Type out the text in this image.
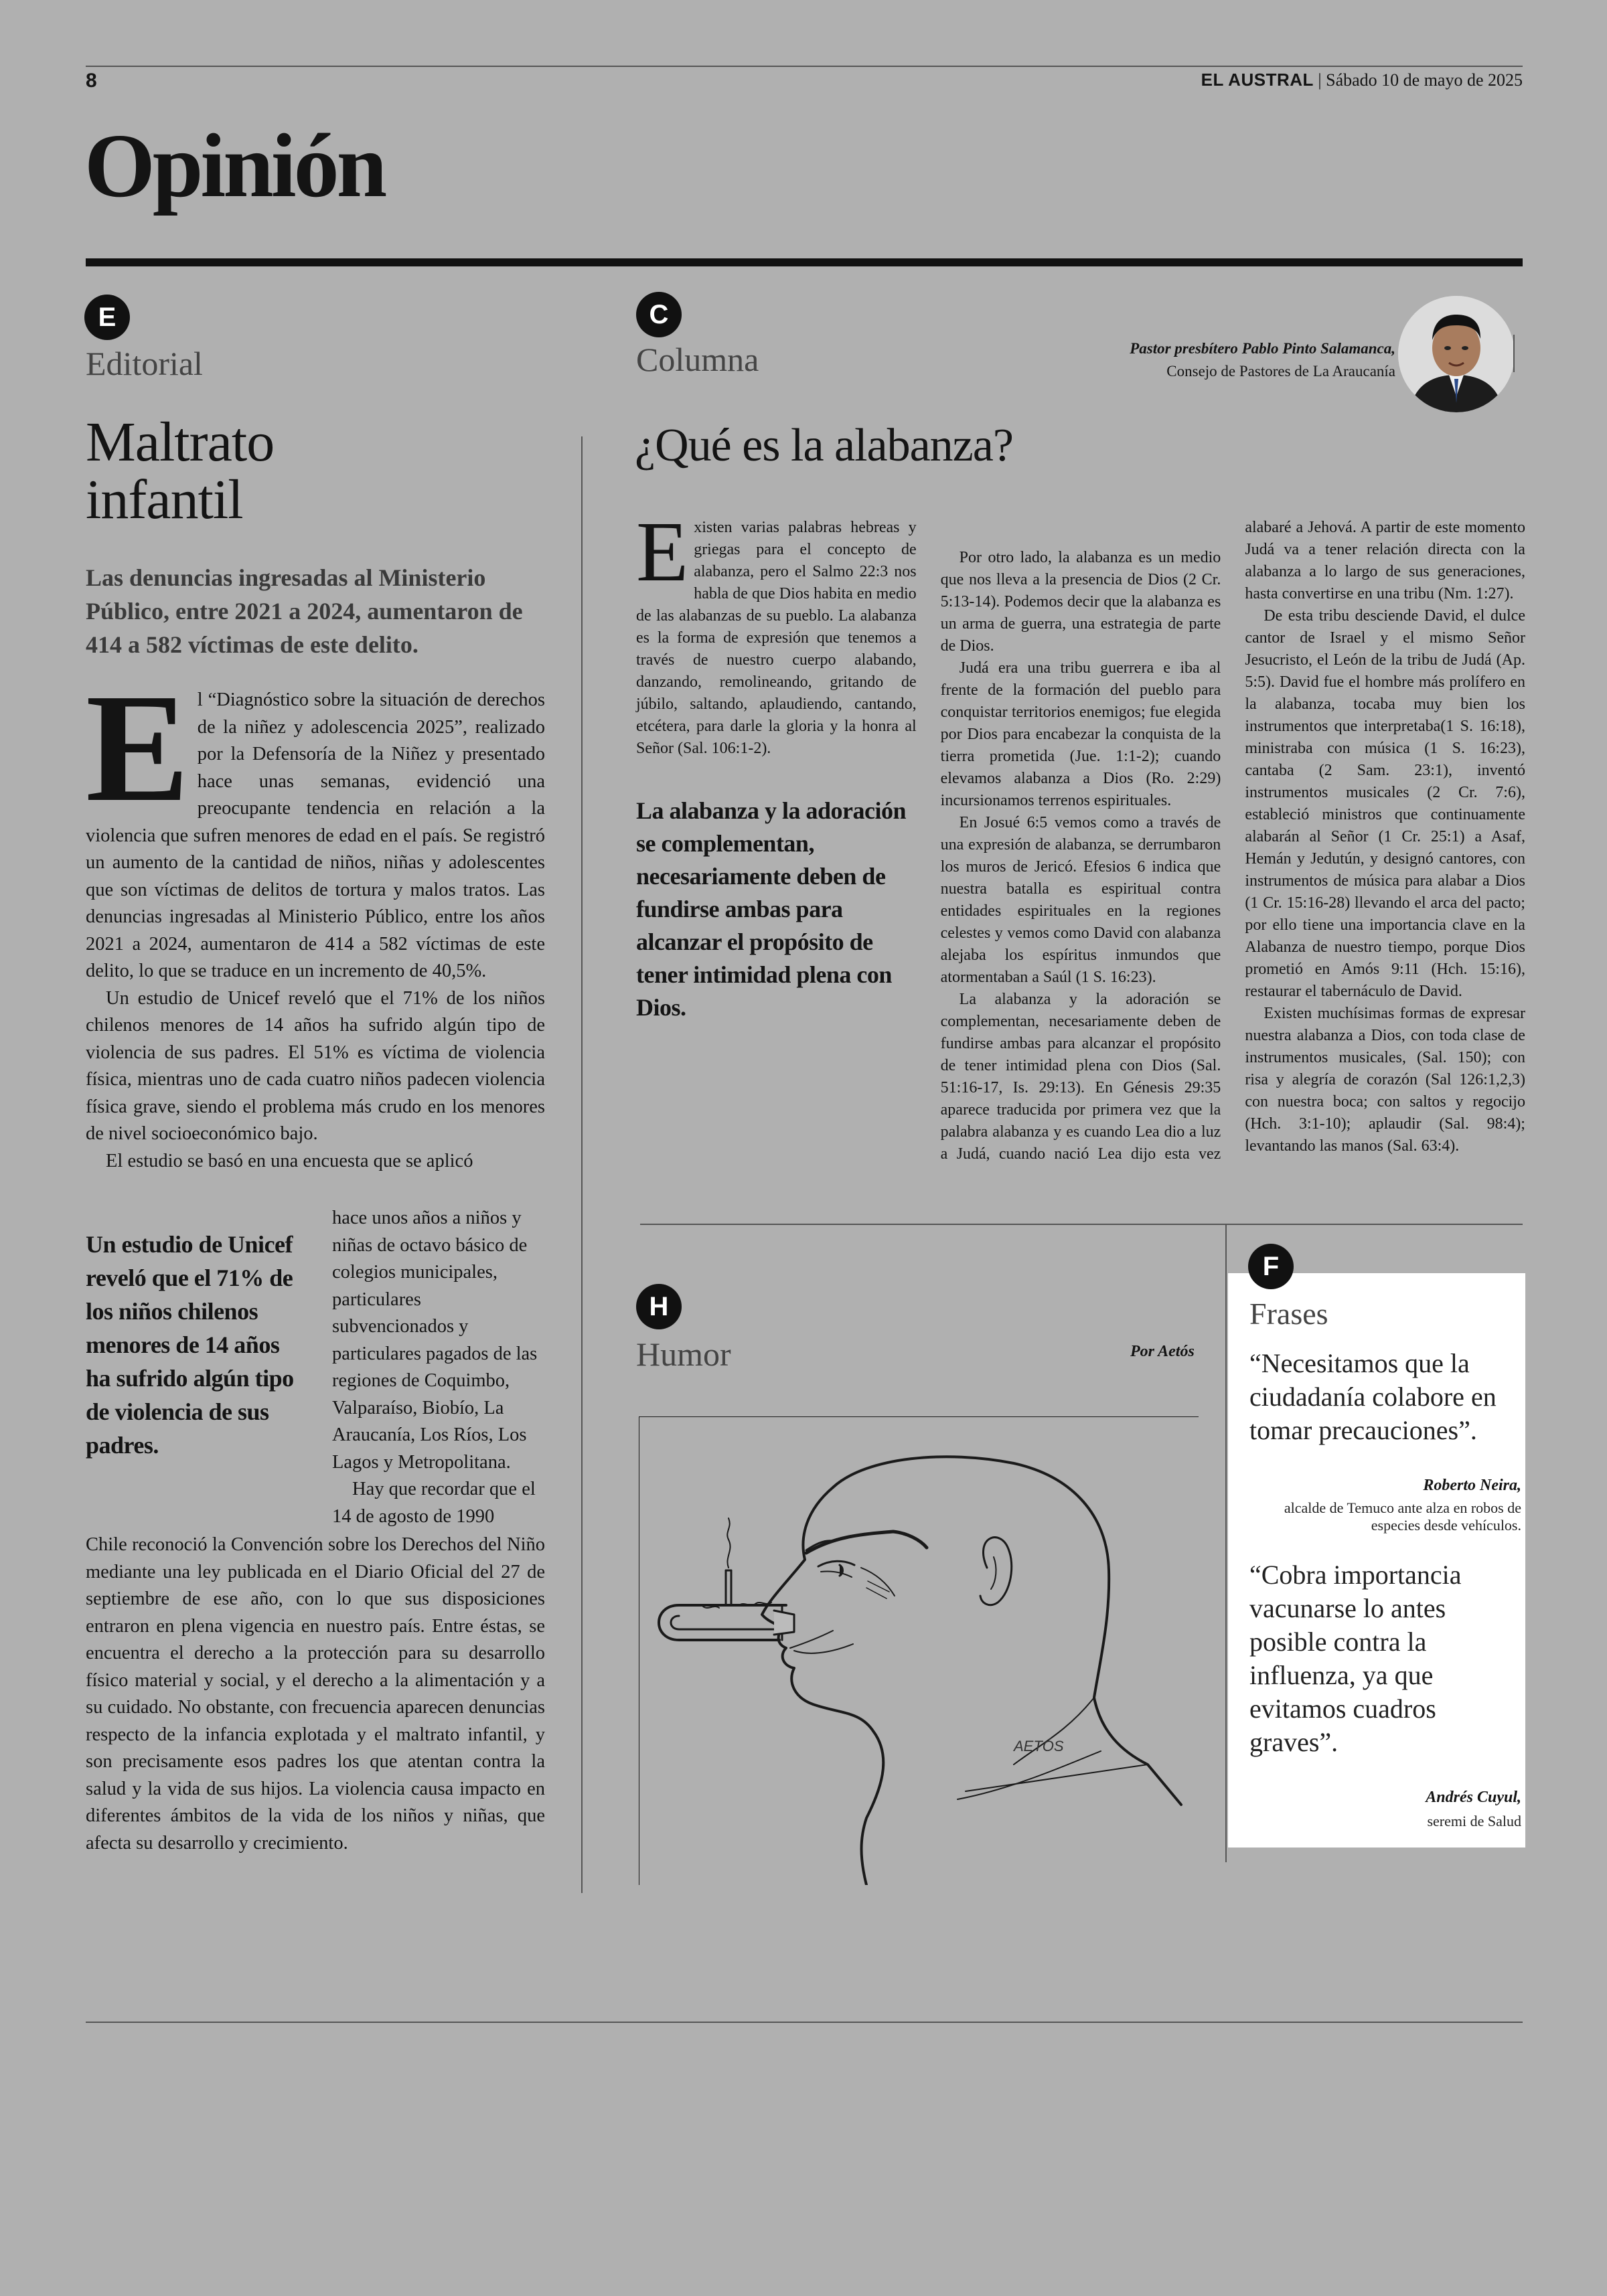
8	EL AUSTRAL | Sábado 10 de mayo de 2025
Opinión
E
Editorial
Maltrato
infantil
Las denuncias ingresadas al Ministerio Público, entre 2021 a 2024, aumentaron de 414 a 582 víctimas de este delito.
E l “Diagnóstico sobre la situación de derechos de la niñez y adolescencia 2025”, realizado por la Defensoría de la Niñez y presentado hace unas semanas, evidenció una preocupante tendencia en relación a la violencia que sufren menores de edad en el país. Se registró un aumento de la cantidad de niños, niñas y adolescentes que son víctimas de delitos de tortura y malos tratos. Las denuncias ingresadas al Ministerio Público, entre los años 2021 a 2024, aumentaron de 414 a 582 víctimas de este delito, lo que se traduce en un incremento de 40,5%.

Un estudio de Unicef reveló que el 71% de los niños chilenos menores de 14 años ha sufrido algún tipo de violencia de sus padres. El 51% es víctima de violencia física, mientras uno de cada cuatro niños padecen violencia física grave, siendo el problema más crudo en los menores de nivel socioeconómico bajo.

El estudio se basó en una encuesta que se aplicó

Un estudio de Unicef reveló que el 71% de los niños chilenos menores de 14 años ha sufrido algún tipo de violencia de sus padres.

hace unos años a niños y niñas de octavo básico de colegios municipales, particulares subvencionados y particulares pagados de las regiones de Coquimbo, Valparaíso, Biobío, La Araucanía, Los Ríos, Los Lagos y Metropolitana.

Hay que recordar que el 14 de agosto de 1990

Chile reconoció la Convención sobre los Derechos del Niño mediante una ley publicada en el Diario Oficial del 27 de septiembre de ese año, con lo que sus disposiciones entraron en plena vigencia en nuestro país. Entre éstas, se encuentra el derecho a la protección para su desarrollo físico material y social, y el derecho a la alimentación y a su cuidado. No obstante, con frecuencia aparecen denuncias respecto de la infancia explotada y el maltrato infantil, y son precisamente esos padres los que atentan contra la salud y la vida de sus hijos. La violencia causa impacto en diferentes ámbitos de la vida de los niños y niñas, que afecta su desarrollo y crecimiento.

C
Columna	Pastor presbítero Pablo Pinto Salamanca,
Consejo de Pastores de La Araucanía
¿Qué es la alabanza?
E xisten varias palabras hebreas y griegas para el concepto de alabanza, pero el Salmo 22:3 nos habla de que Dios habita en medio de las alabanzas de su pueblo. La alabanza es la forma de expresión que tenemos a través de nuestro cuerpo alabando, danzando, remolineando, gritando de júbilo, saltando, aplaudiendo, cantando, etcétera, para darle la gloria y la honra al Señor (Sal. 106:1-2).

La alabanza y la adoración se complementan, necesariamente deben de fundirse ambas para alcanzar el propósito de tener intimidad plena con Dios.

Por otro lado, la alabanza es un medio que nos lleva a la presencia de Dios (2 Cr. 5:13-14). Podemos decir que la alabanza es un arma de guerra, una estrategia de parte de Dios.

Judá era una tribu guerrera e iba al frente de la formación del pueblo para conquistar territorios enemigos; fue elegida por Dios para encabezar la conquista de la tierra prometida (Jue. 1:1-2); cuando elevamos alabanza a Dios (Ro. 2:29) incursionamos terrenos espirituales.

En Josué 6:5 vemos como a través de una expresión de alabanza, se derrumbaron los muros de Jericó. Efesios 6 indica que nuestra batalla es espiritual contra entidades espirituales en la regiones celestes y vemos como David con alabanza alejaba los espíritus inmundos que atormentaban a Saúl (1 S. 16:23).

La alabanza y la adoración se complementan, necesariamente deben de fundirse ambas para alcanzar el propósito de tener intimidad plena con Dios (Sal. 51:16-17, Is. 29:13). En Génesis 29:35 aparece traducida por primera vez que la palabra alabanza y es cuando Lea dio a luz a Judá, cuando nació Lea dijo esta vez alabaré a Jehová. A partir de este momento Judá va a tener relación directa con la alabanza a lo largo de sus generaciones, hasta convertirse en una tribu (Nm. 1:27).

De esta tribu desciende David, el dulce cantor de Israel y el mismo Señor Jesucristo, el León de la tribu de Judá (Ap. 5:5). David fue el hombre más prolífero en la alabanza, tocaba muy bien los instrumentos que interpretaba(1 S. 16:18), ministraba con música (1 S. 16:23), cantaba (2 Sam. 23:1), inventó instrumentos musicales (2 Cr. 7:6), estableció ministros que continuamente alabarán al Señor (1 Cr. 25:1) a Asaf, Hemán y Jedutún, y designó cantores, con instrumentos de música para alabar a Dios (1 Cr. 15:16-28) llevando el arca del pacto; por ello tiene una importancia clave en la Alabanza de nuestro tiempo, porque Dios prometió en Amós 9:11 (Hch. 15:16), restaurar el tabernáculo de David.

Existen muchísimas formas de expresar nuestra alabanza a Dios, con toda clase de instrumentos musicales, (Sal. 150); con risa y alegría de corazón (Sal 126:1,2,3) con nuestra boca; con saltos y regocijo (Hch. 3:1-10); aplaudir (Sal. 98:4); levantando las manos (Sal. 63:4).

H
Humor	Por Aetós
AETÓS
F
Frases
“Necesitamos que la ciudadanía colabore en tomar precauciones”.
Roberto Neira,
alcalde de Temuco ante alza en robos de especies desde vehículos.
“Cobra importancia vacunarse lo antes posible contra la influenza, ya que evitamos cuadros graves”.
Andrés Cuyul,
seremi de Salud
